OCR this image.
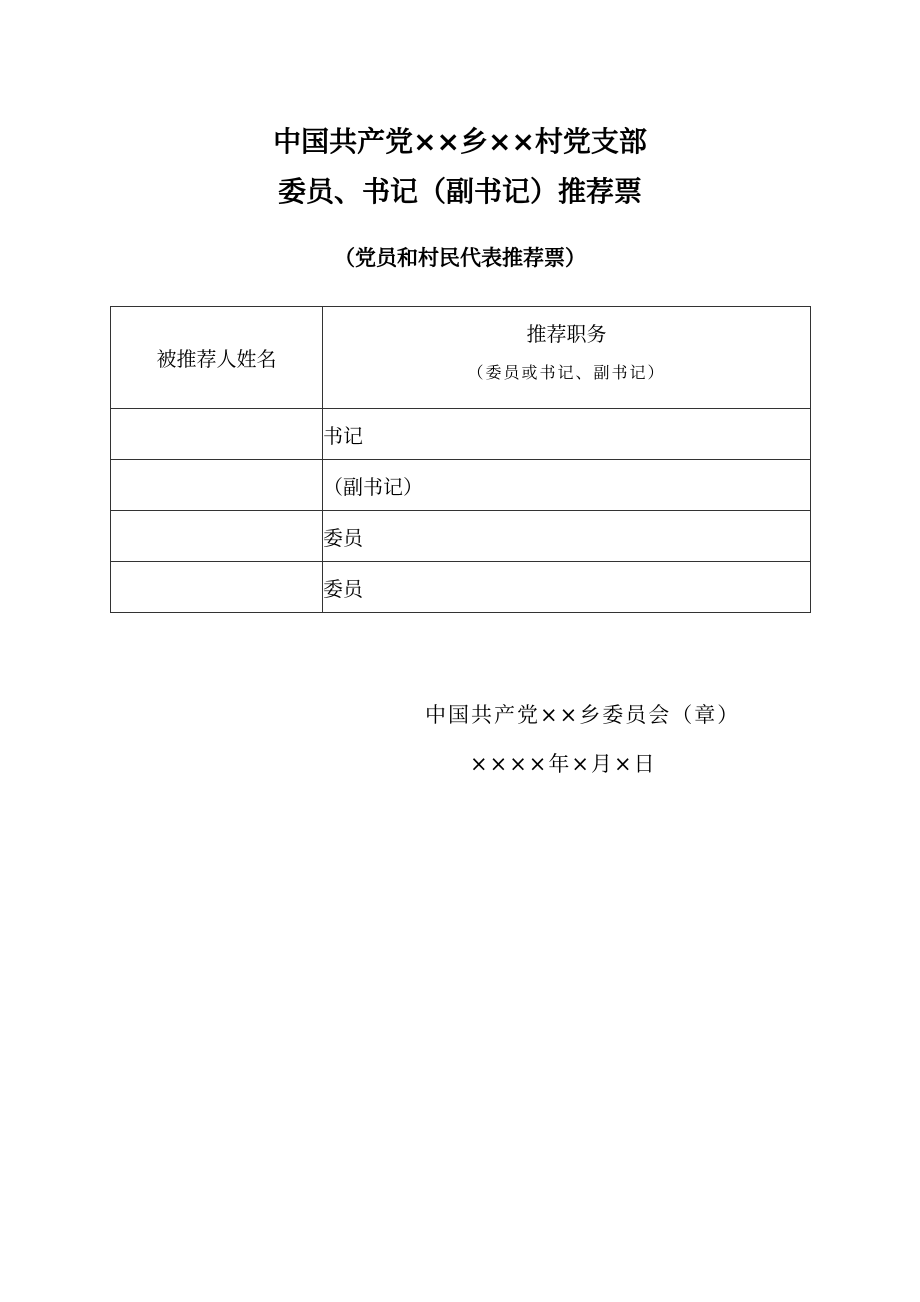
中国共产党××乡××村党支部
委员、书记（副书记）推荐票
（党员和村民代表推荐票）
被推荐人姓名	推荐职务
（委员或书记、副书记）

	书记
	（副书记）
	委员
	委员
中国共产党××乡委员会（章）
××××年×月×日
